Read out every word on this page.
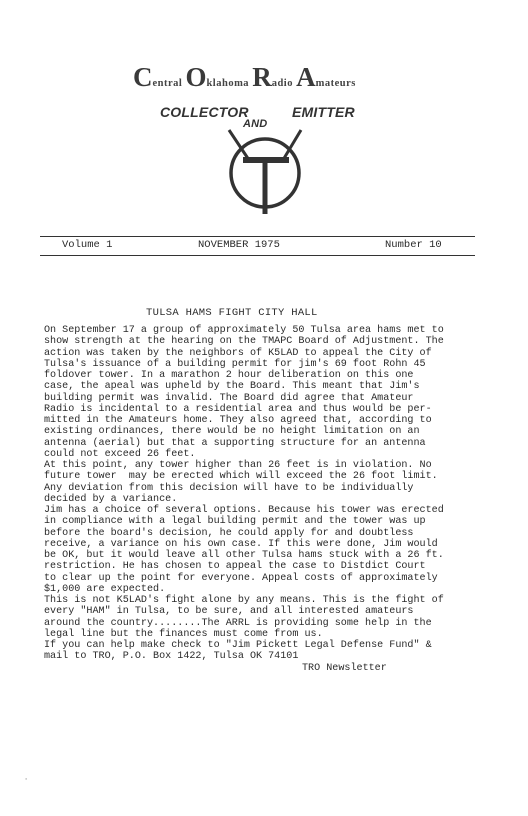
Central Oklahoma Radio Amateurs
COLLECTOR
AND
EMITTER
Volume 1	NOVEMBER 1975	Number 10
TULSA HAMS FIGHT CITY HALL

On September 17 a group of approximately 50 Tulsa area hams met to

show strength at the hearing on the TMAPC Board of Adjustment. The

action was taken by the neighbors of K5LAD to appeal the City of

Tulsa's issuance of a building permit for jim's 69 foot Rohn 45

foldover tower. In a marathon 2 hour deliberation on this one

case, the apeal was upheld by the Board. This meant that Jim's

building permit was invalid. The Board did agree that Amateur

Radio is incidental to a residential area and thus would be per-

mitted in the Amateurs home. They also agreed that, according to

existing ordinances, there would be no height limitation on an

antenna (aerial) but that a supporting structure for an antenna

could not exceed 26 feet.

At this point, any tower higher than 26 feet is in violation. No

future tower  may be erected which will exceed the 26 foot limit.

Any deviation from this decision will have to be individually

decided by a variance.

Jim has a choice of several options. Because his tower was erected

in compliance with a legal building permit and the tower was up

before the board's decision, he could apply for and doubtless

receive, a variance on his own case. If this were done, Jim would

be OK, but it would leave all other Tulsa hams stuck with a 26 ft.

restriction. He has chosen to appeal the case to Distdict Court

to clear up the point for everyone. Appeal costs of approximately

$1,000 are expected.

This is not K5LAD's fight alone by any means. This is the fight of

every "HAM" in Tulsa, to be sure, and all interested amateurs

around the country........The ARRL is providing some help in the

legal line but the finances must come from us.

If you can help make check to "Jim Pickett Legal Defense Fund" &

mail to TRO, P.O. Box 1422, Tulsa OK 74101

TRO Newsletter
·
